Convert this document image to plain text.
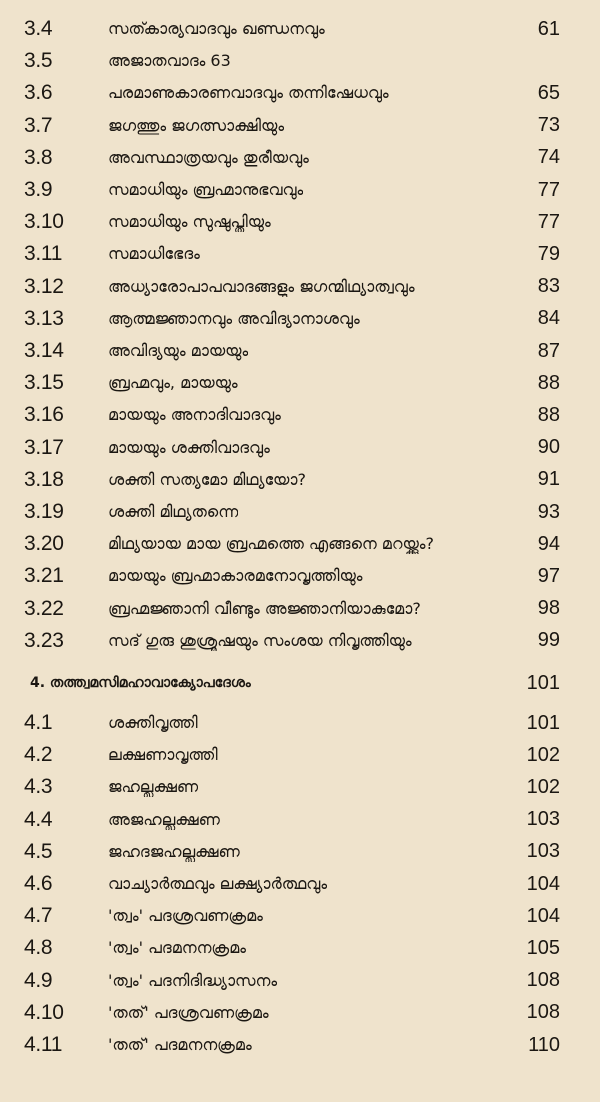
3.4	സത്കാര്യവാദവും ഖണ്ഡനവും	61
3.5	അജാതവാദം 63
3.6	പരമാണുകാരണവാദവും തന്നിഷേധവും	65
3.7	ജഗത്തും ജഗത്സാക്ഷിയും	73
3.8	അവസ്ഥാത്രയവും തുരീയവും	74
3.9	സമാധിയും ബ്രഹ്മാനുഭവവും	77
3.10	സമാധിയും സുഷുപ്തിയും	77
3.11	സമാധിഭേദം	79
3.12	അധ്യാരോപാപവാദങ്ങളും ജഗന്മിഥ്യാത്വവും	83
3.13	ആത്മജ്ഞാനവും അവിദ്യാനാശവും	84
3.14	അവിദ്യയും മായയും	87
3.15	ബ്രഹ്മവും, മായയും	88
3.16	മായയും അനാദിവാദവും	88
3.17	മായയും ശക്തിവാദവും	90
3.18	ശക്തി സത്യമോ മിഥ്യയോ?	91
3.19	ശക്തി മിഥ്യതന്നെ	93
3.20	മിഥ്യയായ മായ ബ്രഹ്മത്തെ എങ്ങനെ മറയ്ക്കും?	94
3.21	മായയും ബ്രഹ്മാകാരമനോവൃത്തിയും	97
3.22	ബ്രഹ്മജ്ഞാനി വീണ്ടും അജ്ഞാനിയാകുമോ?	98
3.23	സദ് ഗുരു ശുശ്രൂഷയും സംശയ നിവൃത്തിയും	99
4. തത്ത്വമസിമഹാവാക്യോപദേശം	101
4.1	ശക്തിവൃത്തി	101
4.2	ലക്ഷണാവൃത്തി	102
4.3	ജഹല്ലക്ഷണ	102
4.4	അജഹല്ലക്ഷണ	103
4.5	ജഹദജഹല്ലക്ഷണ	103
4.6	വാച്യാർത്ഥവും ലക്ഷ്യാർത്ഥവും	104
4.7	'ത്വം' പദശ്രവണക്രമം	104
4.8	'ത്വം' പദമനനക്രമം	105
4.9	'ത്വം' പദനിദിദ്ധ്യാസനം	108
4.10	'തത്' പദശ്രവണക്രമം	108
4.11	'തത്' പദമനനക്രമം	110
